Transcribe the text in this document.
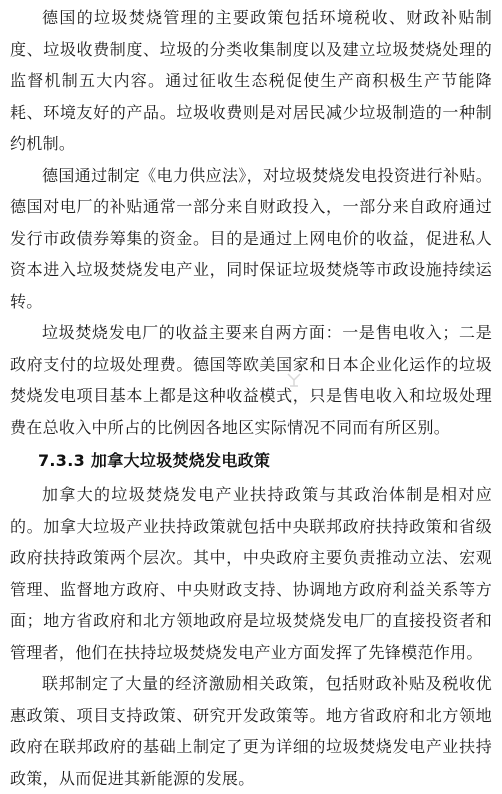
德国的垃圾焚烧管理的主要政策包括环境税收、财政补贴制度、垃圾收费制度、垃圾的分类收集制度以及建立垃圾焚烧处理的监督机制五大内容。通过征收生态税促使生产商积极生产节能降耗、环境友好的产品。垃圾收费则是对居民减少垃圾制造的一种制约机制。

德国通过制定《电力供应法》，对垃圾焚烧发电投资进行补贴。德国对电厂的补贴通常一部分来自财政投入，一部分来自政府通过发行市政债券筹集的资金。目的是通过上网电价的收益，促进私人资本进入垃圾焚烧发电产业，同时保证垃圾焚烧等市政设施持续运转。

垃圾焚烧发电厂的收益主要来自两方面：一是售电收入；二是政府支付的垃圾处理费。德国等欧美国家和日本企业化运作的垃圾焚烧发电项目基本上都是这种收益模式，只是售电收入和垃圾处理费在总收入中所占的比例因各地区实际情况不同而有所区别。

7.3.3 加拿大垃圾焚烧发电政策

加拿大的垃圾焚烧发电产业扶持政策与其政治体制是相对应的。加拿大垃圾产业扶持政策就包括中央联邦政府扶持政策和省级政府扶持政策两个层次。其中，中央政府主要负责推动立法、宏观管理、监督地方政府、中央财政支持、协调地方政府利益关系等方面；地方省政府和北方领地政府是垃圾焚烧发电厂的直接投资者和管理者，他们在扶持垃圾焚烧发电产业方面发挥了先锋模范作用。

联邦制定了大量的经济激励相关政策，包括财政补贴及税收优惠政策、项目支持政策、研究开发政策等。地方省政府和北方领地政府在联邦政府的基础上制定了更为详细的垃圾焚烧发电产业扶持政策，从而促进其新能源的发展。
